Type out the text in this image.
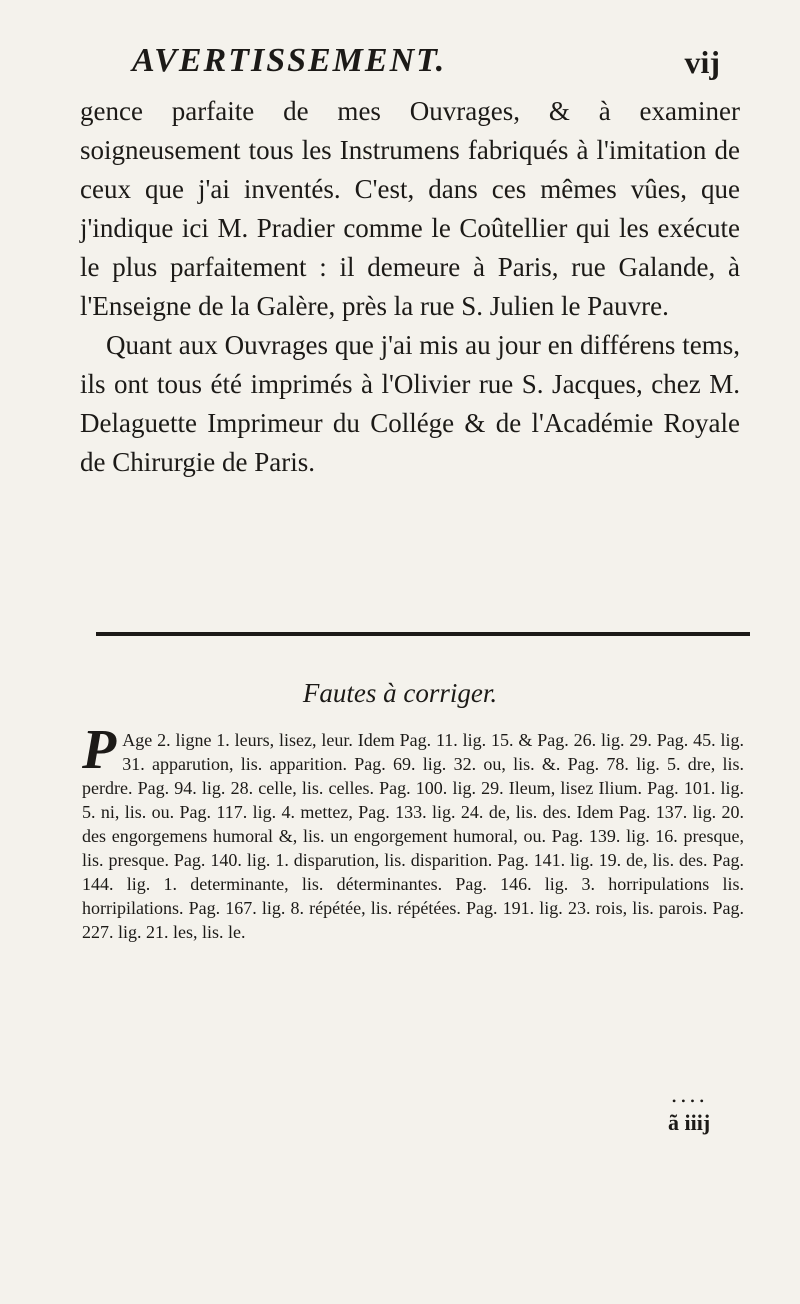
AVERTISSEMENT.	vij

gence parfaite de mes Ouvrages, & à examiner soigneusement tous les Instrumens fabriqués à l'imitation de ceux que j'ai inventés. C'est, dans ces mêmes vûes, que j'indique ici M. Pradier comme le Coûtellier qui les exécute le plus parfaitement : il demeure à Paris, rue Galande, à l'Enseigne de la Galère, près la rue S. Julien le Pauvre.

Quant aux Ouvrages que j'ai mis au jour en différens tems, ils ont tous été imprimés à l'Olivier rue S. Jacques, chez M. Delaguette Imprimeur du Collége & de l'Académie Royale de Chirurgie de Paris.

Fautes à corriger.

P Age 2. ligne 1. leurs, lisez, leur. Idem Pag. 11. lig. 15. & Pag. 26. lig. 29. Pag. 45. lig. 31. apparution, lis. apparition. Pag. 69. lig. 32. ou, lis. &. Pag. 78. lig. 5. dre, lis. perdre. Pag. 94. lig. 28. celle, lis. celles. Pag. 100. lig. 29. Ileum, lisez Ilium. Pag. 101. lig. 5. ni, lis. ou. Pag. 117. lig. 4. mettez, Pag. 133. lig. 24. de, lis. des. Idem Pag. 137. lig. 20. des engorgemens humoral &, lis. un engorgement humoral, ou. Pag. 139. lig. 16. presque, lis. presque. Pag. 140. lig. 1. disparution, lis. disparition. Pag. 141. lig. 19. de, lis. des. Pag. 144. lig. 1. determinante, lis. déterminantes. Pag. 146. lig. 3. horripulations lis. horripilations. Pag. 167. lig. 8. répétée, lis. répétées. Pag. 191. lig. 23. rois, lis. parois. Pag. 227. lig. 21. les, lis. le.

• • • •
ã iiij
